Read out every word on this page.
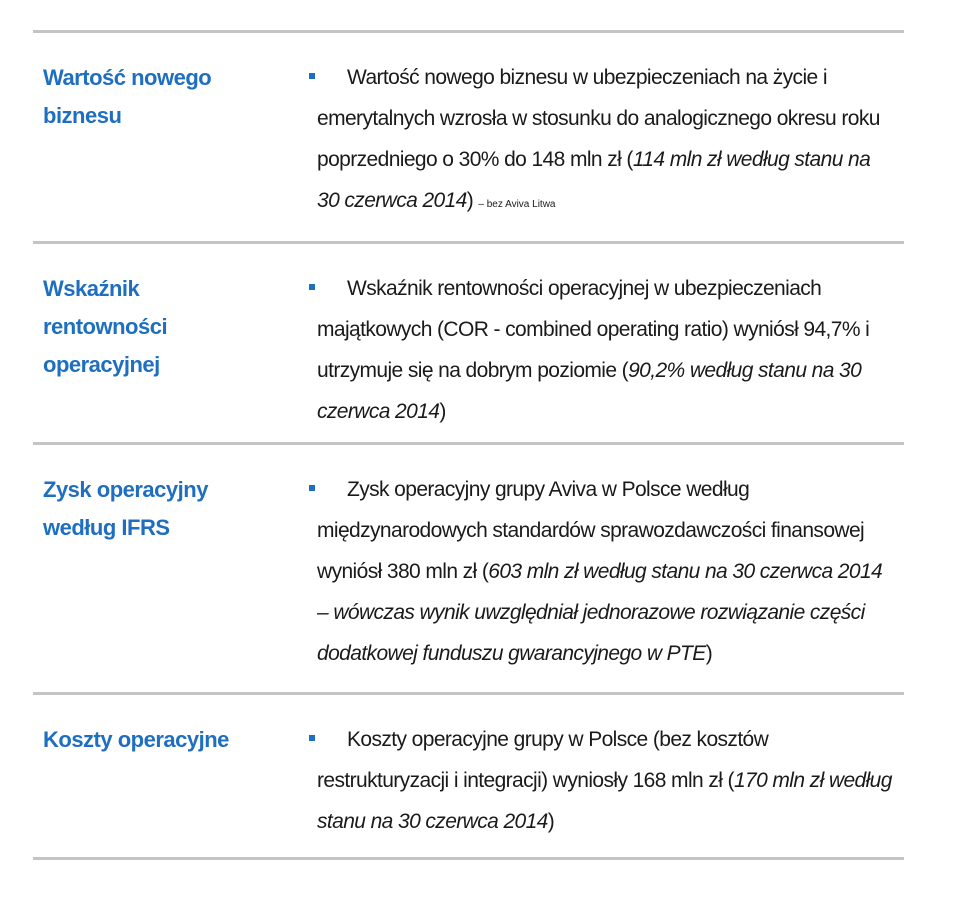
Wartość nowego biznesu
Wartość nowego biznesu w ubezpieczeniach na życie i emerytalnych wzrosła w stosunku do analogicznego okresu roku poprzedniego o 30% do 148 mln zł (114 mln zł według stanu na 30 czerwca 2014) – bez Aviva Litwa
Wskaźnik rentowności operacyjnej
Wskaźnik rentowności operacyjnej w ubezpieczeniach majątkowych (COR - combined operating ratio) wyniósł 94,7% i utrzymuje się na dobrym poziomie (90,2% według stanu na 30 czerwca 2014)
Zysk operacyjny według IFRS
Zysk operacyjny grupy Aviva w Polsce według międzynarodowych standardów sprawozdawczości finansowej wyniósł 380 mln zł (603 mln zł według stanu na 30 czerwca 2014 – wówczas wynik uwzględniał jednorazowe rozwiązanie części dodatkowej funduszu gwarancyjnego w PTE)
Koszty operacyjne	Koszty operacyjne grupy w Polsce (bez kosztów restrukturyzacji i integracji) wyniosły 168 mln zł (170 mln zł według stanu na 30 czerwca 2014)
